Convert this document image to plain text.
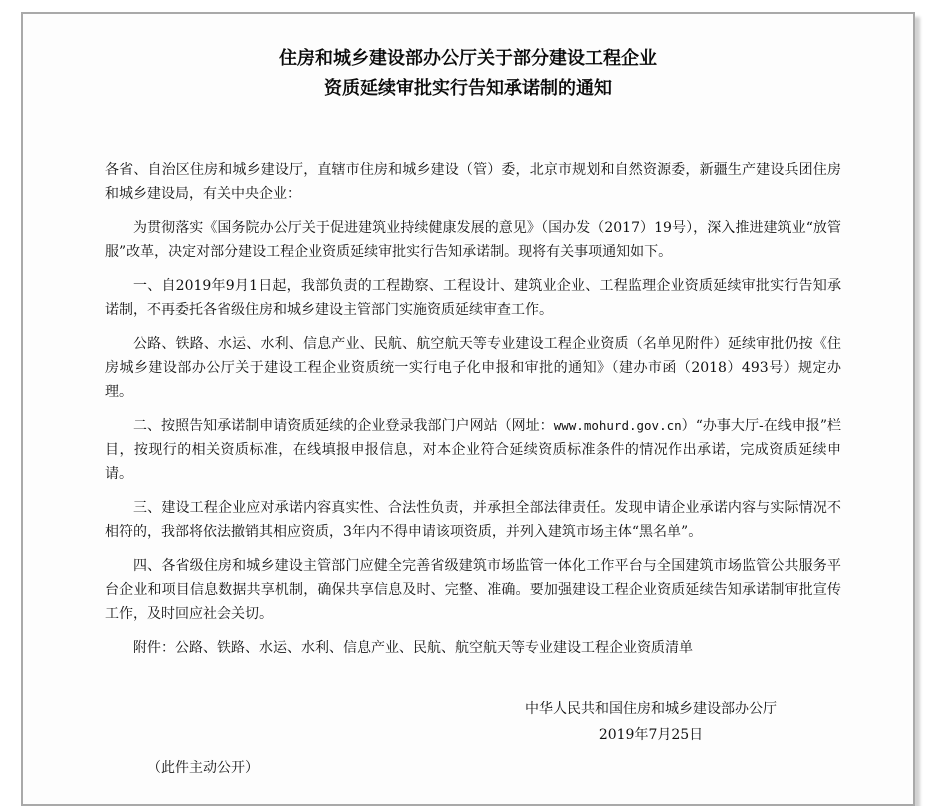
住房和城乡建设部办公厅关于部分建设工程企业
资质延续审批实行告知承诺制的通知

各省、自治区住房和城乡建设厅，直辖市住房和城乡建设（管）委，北京市规划和自然资源委，新疆生产建设兵团住房和城乡建设局，有关中央企业：

为贯彻落实《国务院办公厅关于促进建筑业持续健康发展的意见》（国办发（2017）19号），深入推进建筑业“放管服”改革，决定对部分建设工程企业资质延续审批实行告知承诺制。现将有关事项通知如下。

一、自2019年9月1日起，我部负责的工程勘察、工程设计、建筑业企业、工程监理企业资质延续审批实行告知承诺制，不再委托各省级住房和城乡建设主管部门实施资质延续审查工作。

公路、铁路、水运、水利、信息产业、民航、航空航天等专业建设工程企业资质（名单见附件）延续审批仍按《住房城乡建设部办公厅关于建设工程企业资质统一实行电子化申报和审批的通知》（建办市函（2018）493号）规定办理。

二、按照告知承诺制申请资质延续的企业登录我部门户网站（网址：www.mohurd.gov.cn）“办事大厅-在线申报”栏目，按现行的相关资质标准，在线填报申报信息，对本企业符合延续资质标准条件的情况作出承诺，完成资质延续申请。

三、建设工程企业应对承诺内容真实性、合法性负责，并承担全部法律责任。发现申请企业承诺内容与实际情况不相符的，我部将依法撤销其相应资质，3年内不得申请该项资质，并列入建筑市场主体“黑名单”。

四、各省级住房和城乡建设主管部门应健全完善省级建筑市场监管一体化工作平台与全国建筑市场监管公共服务平台企业和项目信息数据共享机制，确保共享信息及时、完整、准确。要加强建设工程企业资质延续告知承诺制审批宣传工作，及时回应社会关切。

附件：公路、铁路、水运、水利、信息产业、民航、航空航天等专业建设工程企业资质清单

中华人民共和国住房和城乡建设部办公厅
2019年7月25日

（此件主动公开）
